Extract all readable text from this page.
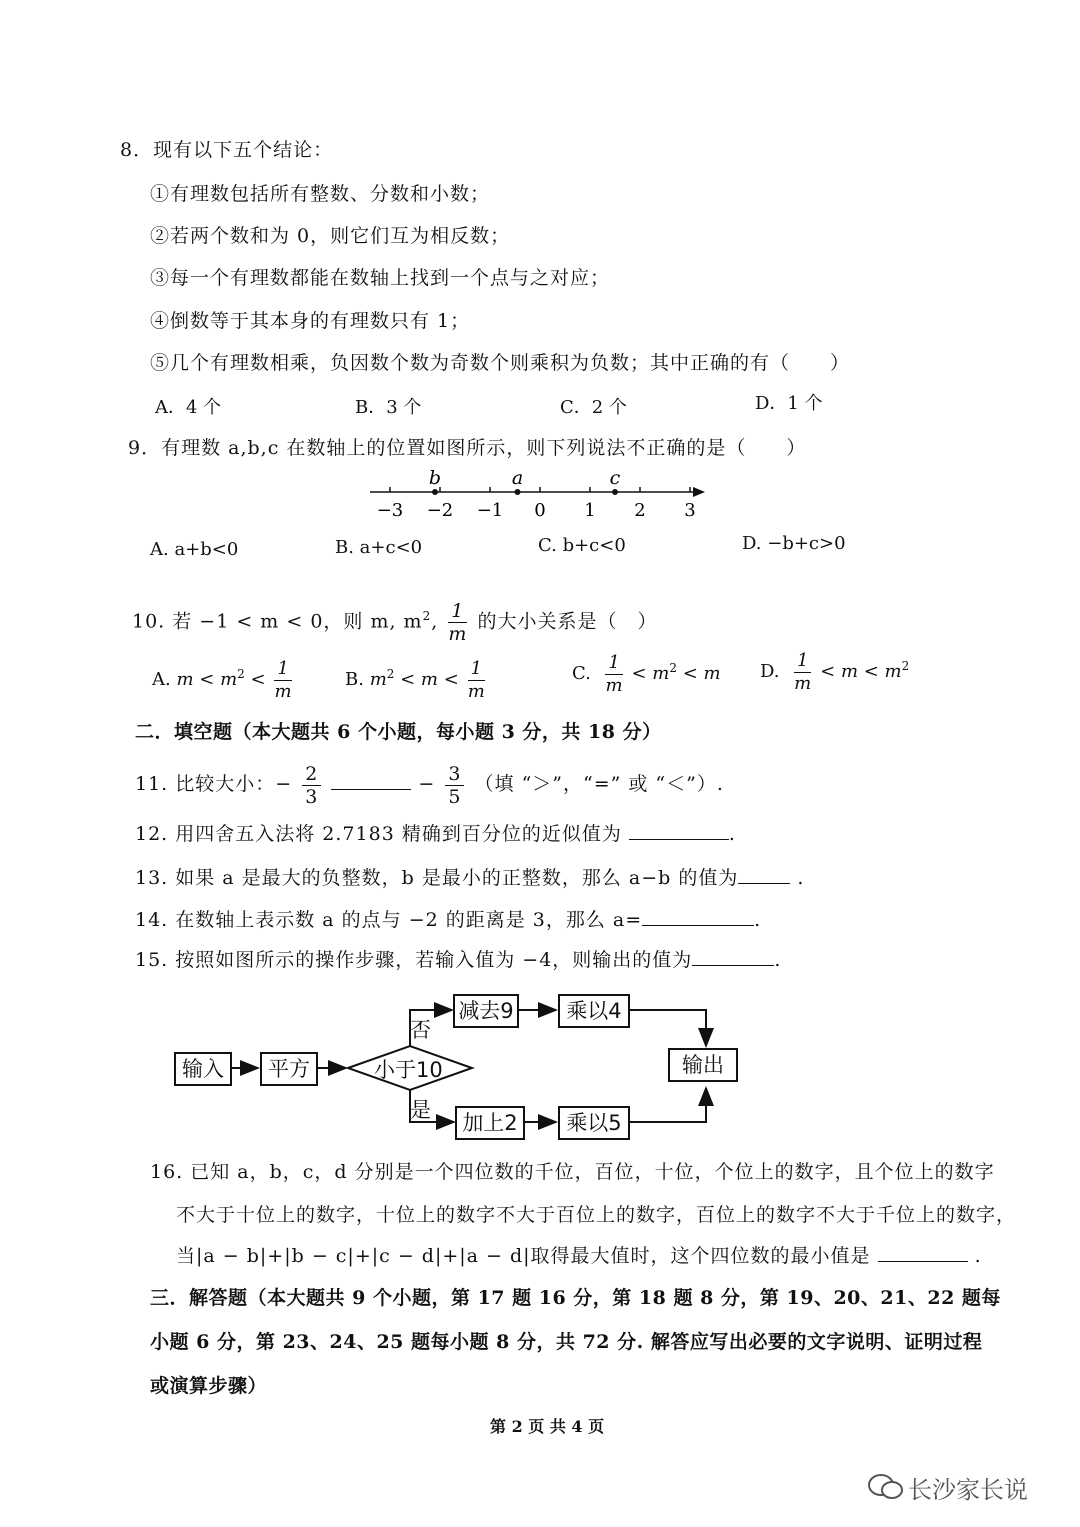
8．现有以下五个结论：
①有理数包括所有整数、分数和小数；
②若两个数和为 0，则它们互为相反数；
③每一个有理数都能在数轴上找到一个点与之对应；
④倒数等于其本身的有理数只有 1；
⑤几个有理数相乘，负因数个数为奇数个则乘积为负数；其中正确的有（　　）
A．4 个	B．3 个	C．2 个	D．1 个
9．有理数 a,b,c 在数轴上的位置如图所示，则下列说法不正确的是（　　）
−3 −2 −1 0 1 2 3
b	a	c
A. a+b<0	B. a+c<0	C. b+c<0	D. −b+c>0
10. 若 −1 < m < 0，则 m, $m^2$, $\frac{1}{m}$ 的大小关系是（　）
A. $m < m^2 < \frac{1}{m}$	B. $m^2 < m < \frac{1}{m}$	C. $\frac{1}{m} < m^2 < m$ D. $\frac{1}{m} < m < m^2$
二．填空题（本大题共 6 个小题，每小题 3 分，共 18 分）
11. 比较大小：− $\frac{2}{3}$	− $\frac{3}{5}$ （填 “＞”，“=” 或 “＜”）.
12. 用四舍五入法将 2.7183 精确到百分位的近似值为	.
13. 如果 a 是最大的负整数，b 是最小的正整数，那么 a−b 的值为	.
14. 在数轴上表示数 a 的点与 −2 的距离是 3，那么 a=	.
15. 按照如图所示的操作步骤，若输入值为 −4，则输出的值为	.
输入	平方	小于10
否
是
减去9	乘以4
加上2	乘以5
输出
16. 已知 a，b，c，d 分别是一个四位数的千位，百位，十位，个位上的数字，且个位上的数字
不大于十位上的数字，十位上的数字不大于百位上的数字，百位上的数字不大于千位上的数字，
当|a − b|+|b − c|+|c − d|+|a − d|取得最大值时，这个四位数的最小值是	.
三．解答题（本大题共 9 个小题，第 17 题 16 分，第 18 题 8 分，第 19、20、21、22 题每
小题 6 分，第 23、24、25 题每小题 8 分，共 72 分. 解答应写出必要的文字说明、证明过程
或演算步骤）
第 2 页 共 4 页
长沙家长说
